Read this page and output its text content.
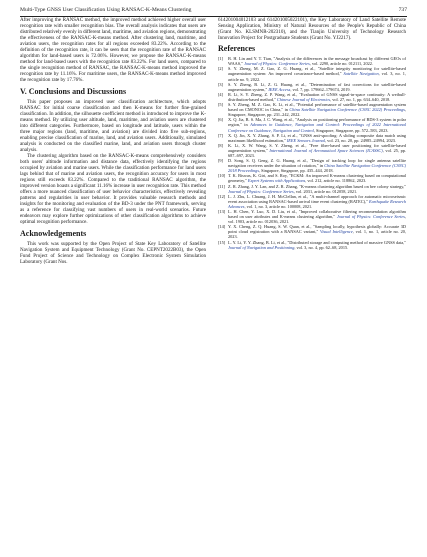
Multi-Type GNSS User Classification Using RANSAC-K-Means Clustering	737

After improving the RANSAC method, the improved method achieved higher overall user recognition rate with smaller recognition bias. The overall analysis indicates that users are distributed relatively evenly in different land, maritime, and aviation regions, demonstrating the effectiveness of the RANSAC-K-means method. After clustering land, maritime, and aviation users, the recognition rates for all regions exceeded 83.22%. According to the definition of the recognition rate, it can be seen that the recognition rate of the RANSAC algorithm for land-based users is 72.06%. However, we propose the RANSAC-K-means method for land-based users with the recognition rate 83.22%. For land users, compared to the single recognition method of RANSAC, the RANSAC-K-means method improved the recognition rate by 11.16%. For maritime users, the RANSAC-K-means method improved the recognition rate by 17.76%.

V. Conclusions and Discussions

This paper proposes an improved user classification architecture, which adopts RANSAC for initial coarse classification and then K-means for further fine-grained classification. In addition, the silhouette coefficient method is introduced to improve the K-means method. By utilizing user altitude, land, maritime, and aviation users are clustered into different categories. Furthermore, based on longitude and latitude, users within the three major regions (land, maritime, and aviation) are divided into five sub-regions, enabling precise classification of marine, land, and aviation users. Additionally, simulated analysis is conducted on the classified marine, land, and aviation users through cluster analysis.

The clustering algorithm based on the RANSAC-K-means comprehensively considers both users' altitude information and distance data, effectively identifying the regions occupied by aviation and marine users. While the classification performance for land users lags behind that of marine and aviation users, the recognition accuracy for users in most regions still exceeds 83.22%. Compared to the traditional RANSAC algorithm, the improved version boasts a significant 11.16% increase in user recognition rate. This method offers a more nuanced classification of user behavior characteristics, effectively revealing patterns and regularities in user behavior. It provides valuable research methods and insights for the monitoring and evaluation of the BD-3 under the PNT framework, serving as a reference for classifying vast numbers of users in real-world scenarios. Future endeavors may explore further optimizations of other classification algorithms to achieve optimal recognition performance.

Acknowledgements

This work was supported by the Open Project of State Key Laboratory of Satellite Navigation System and Equipment Technology (Grant No. CEPNT2022B03), the Open Fund Project of Science and Technology on Complex Electronic System Simulation Laboratory (Grant Nos.

614201004012103 and 614201005022101), the Key Laboratory of Land Satellite Remote Sensing Application, Ministry of Natural Resources of the People's Republic of China (Grant No. KLSMNR-202310), and the Tianjin University of Technology Research Innovation Project for Postgraduate Students (Grant No. YJ2217).

References
[1] B. H. Lin and Y. T. Tian, "Analysis of the differences in the message broadcast by different GEOs of WAAS," Journal of Physics: Conference Series, vol. 2290, article no. 012111, 2022.
[2] S. Y. Zheng, M. Z. Gao, Z. G. Huang, et al., "Satellite integrity monitoring for satellite-based augmentation system: An improved covariance-based method," Satellite Navigation, vol. 3, no. 1, article no. 9, 2022.
[3] S. Y. Zheng, B. Li, Z. G. Huang, et al., "Determination of fast corrections for satellite-based augmentation system," IEEE Access, vol. 7, pp. 179662–179674, 2019.
[4] R. Li, S. Y. Zheng, Z. P. Wang, et al., "Evaluation of GNSS signal-in-space continuity: A weibull-distribution-based method," Chinese Journal of Electronics, vol. 27, no. 1, pp. 634–640, 2018.
[5] S. Y. Zheng, M. Z. Gao, K. Li, et al., "Potential performance of satellite-based augmentation system based on CMONOC in China," in China Satellite Navigation Conference (CSNC 2022) Proceedings, Singapore, Singapore, pp. 231–242, 2022.
[6] X. Q. Jia, B. S. Ma, J. C. Wang, et al., "Analysis on positioning performance of BDS-3 system in polar region," in Advances in Guidance, Navigation and Control: Proceedings of 2022 International Conference on Guidance, Navigation and Control, Singapore, Singapore, pp. 572–583, 2023.
[7] X. Q. Jin, X. Y. Zhang, S. P. Li, et al., "GNSS anti-spoofing: A sliding composite data match using maximum likelihood estimation," IEEE Sensors Journal, vol. 23, no. 20, pp. 24985–24994, 2023.
[8] K. Li, X. W. Wang, S. Y. Zheng, et al., "Free fiber-based user positioning for satellite-based augmentation system," International Journal of Aeronautical Space Sciences (ICASSC), vol. 25, pp. 687–697, 2023.
[9] D. Song, S. Q. Geng, Z. G. Huang, et al., "Design of tracking loop for single antenna satellite navigation receivers under the situation of rotation," in China Satellite Navigation Conference (CSNC) 2018 Proceedings, Singapore, Singapore, pp. 435–444, 2018.
[10] T. K. Biswas, K. Giri, and S. Roy, "ECKM: An improved K-means clustering based on computational geometry," Expert Systems with Applications, vol. 212, article no. 118862, 2023.
[11] Z. R. Zhang, J. Y. Lan, and Z. R. Zhang, "K-means clustering algorithm based on bee colony strategy," Journal of Physics: Conference Series, vol. 2031, article no. 012058, 2021.
[12] L. J. Zhu, L. Chuang, J. H. McClellan, et al., "A multi-channel approach for automatic microseismic event association using RANSAC-based arrival time event clustering (RATEC)," Earthquake Research Advances, vol. 1, no. 3, article no. 100008, 2021.
[13] L. H. Chen, Y. Luo, X. D. Liu, et al., "Improved collaborative filtering recommendation algorithm based on user attributes and K-means clustering algorithm," Journal of Physics: Conference Series, vol. 1903, article no. 012036, 2021.
[14] Y. X. Cheng, Z. Q. Huang, S. W. Quan, et al., "Sampling locally, hypothesis globally: Accurate 3D point cloud registration with a RANSAC variant," Visual Intelligence, vol. 1, no. 1, article no. 20, 2023.
[15] L. Y. Li, Y. Y. Zhang, B. Li, et al., "Distributed storage and computing method of massive GNSS data," Journal of Navigation and Positioning, vol. 3, no. 4, pp. 62–68, 2015.
